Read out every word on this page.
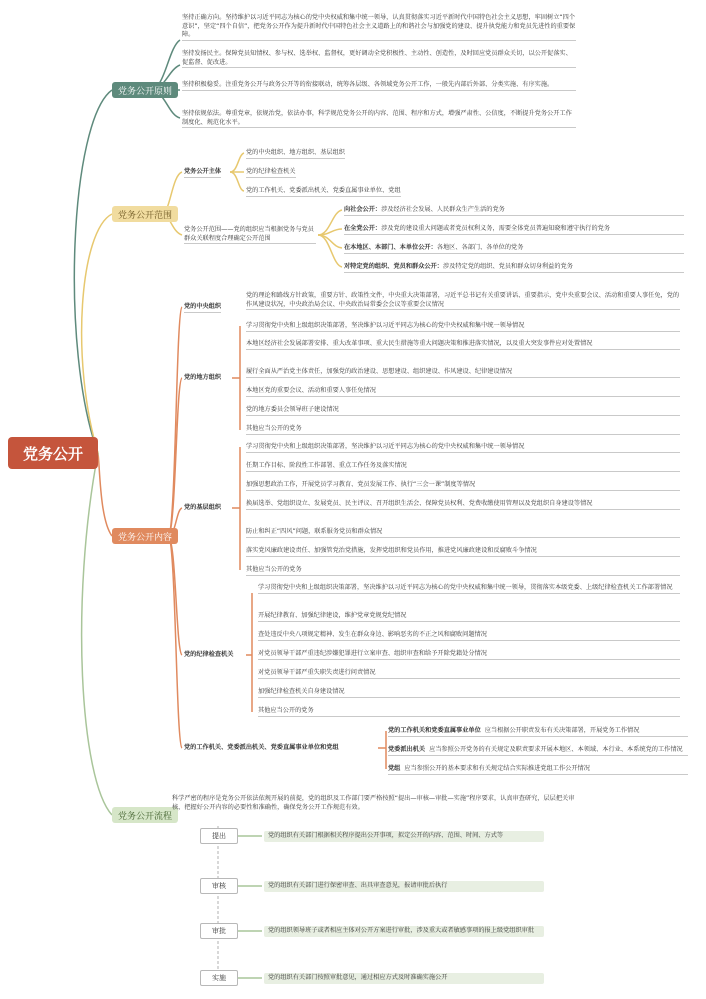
党务公开
党务公开原则
党务公开范围
党务公开内容
党务公开流程
坚持正确方向。坚持维护以习近平同志为核心的党中央权威和集中统一领导，认真贯彻落实习近平新时代中国特色社会主义思想，牢固树立“四个意识”，坚定“四个自信”，把党务公开作为提升新时代中国特色社会主义道路上的和谐社会与加强党的建设、提升执党能力和党员先进性的重要保障。
坚持发扬民主。保障党员知情权、参与权、选举权、监督权，更好调动全党积极性、主动性、创造性，及时回应党员群众关切，以公开促落实、促监督、促改进。
坚持积极稳妥。注重党务公开与政务公开等的衔接联动，统筹各层级、各领域党务公开工作，一般先内部后外部、分类实施、有序实施。
坚持依规依法。尊重党章，依规治党，依法办事，科学规范党务公开的内容、范围、程序和方式，增强严肃性、公信度，不断提升党务公开工作制度化、规范化水平。
党务公开主体
党的中央组织、地方组织、基层组织
党的纪律检查机关
党的工作机关、党委派出机关、党委直属事业单位、党组
党务公开范围——党的组织应当根据党务与党员群众关联程度合理确定公开范围
向社会公开：涉及经济社会发展、人民群众生产生活的党务
在全党公开：涉及党的建设重大问题或者党员权利义务，需要全体党员普遍知晓和遵守执行的党务
在本地区、本部门、本单位公开：各地区、各部门、各单位的党务
对特定党的组织、党员和群众公开：涉及特定党的组织、党员和群众切身利益的党务
党的中央组织
党的理论和路线方针政策，重要方针、政策性文件，中央重大决策部署，习近平总书记有关重要讲话、重要指示，党中央重要会议、活动和重要人事任免，党的作风建设状况，中央政治局会议、中央政治局常委会会议等重要会议情况
党的地方组织
学习贯彻党中央和上级组织决策部署，坚决维护以习近平同志为核心的党中央权威和集中统一领导情况
本地区经济社会发展部署安排、重大改革事项、重大民生措施等重大问题决策和推进落实情况，以及重大突发事件应对处置情况
履行全面从严治党主体责任，加强党的政治建设、思想建设、组织建设、作风建设、纪律建设情况
本地区党的重要会议、活动和重要人事任免情况
党的地方委员会领导班子建设情况
其他应当公开的党务
党的基层组织
学习贯彻党中央和上级组织决策部署，坚决维护以习近平同志为核心的党中央权威和集中统一领导情况
任期工作目标、阶段性工作部署、重点工作任务及落实情况
加强思想政治工作，开展党员学习教育、党员发展工作、执行“三会一课”制度等情况
换届选举、党组织设立、发展党员、民主评议、召开组织生活会、保障党员权利、党费收缴使用管理以及党组织自身建设等情况
防止和纠正“四风”问题，联系服务党员和群众情况
落实党风廉政建设责任、加强管党治党措施，发挥党组织和党员作用，推进党风廉政建设和反腐败斗争情况
其他应当公开的党务
党的纪律检查机关
学习贯彻党中央和上级组织决策部署，坚决维护以习近平同志为核心的党中央权威和集中统一领导，贯彻落实本级党委、上级纪律检查机关工作部署情况
开展纪律教育、加强纪律建设，维护党章党规党纪情况
查处违反中央八项规定精神、发生在群众身边、影响恶劣的不正之风和腐败问题情况
对党员领导干部严重违纪涉嫌犯罪进行立案审查、组织审查和给予开除党籍处分情况
对党员领导干部严重失职失责进行问责情况
加强纪律检查机关自身建设情况
其他应当公开的党务
党的工作机关、党委派出机关、党委直属事业单位和党组
党的工作机关和党委直属事业单位 应当根据公开职责发布有关决策部署，开展党务工作情况
党委派出机关 应当参照公开党务的有关规定及职责要求开展本地区、本领域、本行业、本系统党的工作情况
党组 应当参照公开的基本要求和有关规定结合实际推进党组工作公开情况
科学严密的程序是党务公开依法依规开展的前提，党的组织及工作部门要严格按照“提出—审核—审批—实施”程序要求，认真审查研究，层层把关审核，把握好公开内容的必要性和准确性，确保党务公开工作规范有效。
提出	党的组织有关部门根据相关程序提出公开事项，拟定公开的内容、范围、时间、方式等
审核	党的组织有关部门进行保密审查、出具审查意见，报请审批后执行
审批	党的组织领导班子或者相应主体对公开方案进行审批，涉及重大或者敏感事项的报上级党组织审批
实施	党的组织有关部门按照审批意见，通过相应方式及时准确实施公开
